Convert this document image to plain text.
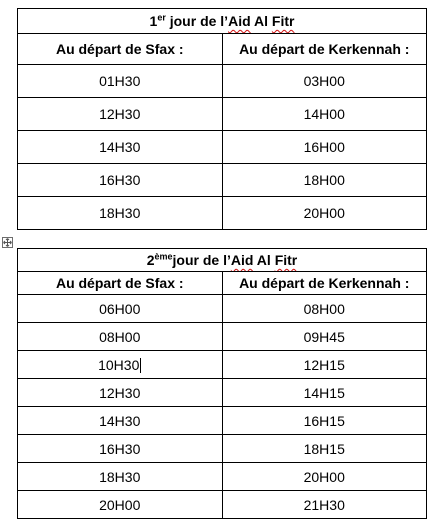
1er jour de l’Aid Al Fitr	
Au départ de Sfax :	Au départ de Kerkennah :
01H30	03H00
12H30	14H00
14H30	16H00
16H30	18H00
18H30	20H00
2èmejour de l’Aid Al Fitr	
Au départ de Sfax :	Au départ de Kerkennah :
06H00	08H00
08H00	09H45
10H30	12H15
12H30	14H15
14H30	16H15
16H30	18H15
18H30	20H00
20H00	21H30
